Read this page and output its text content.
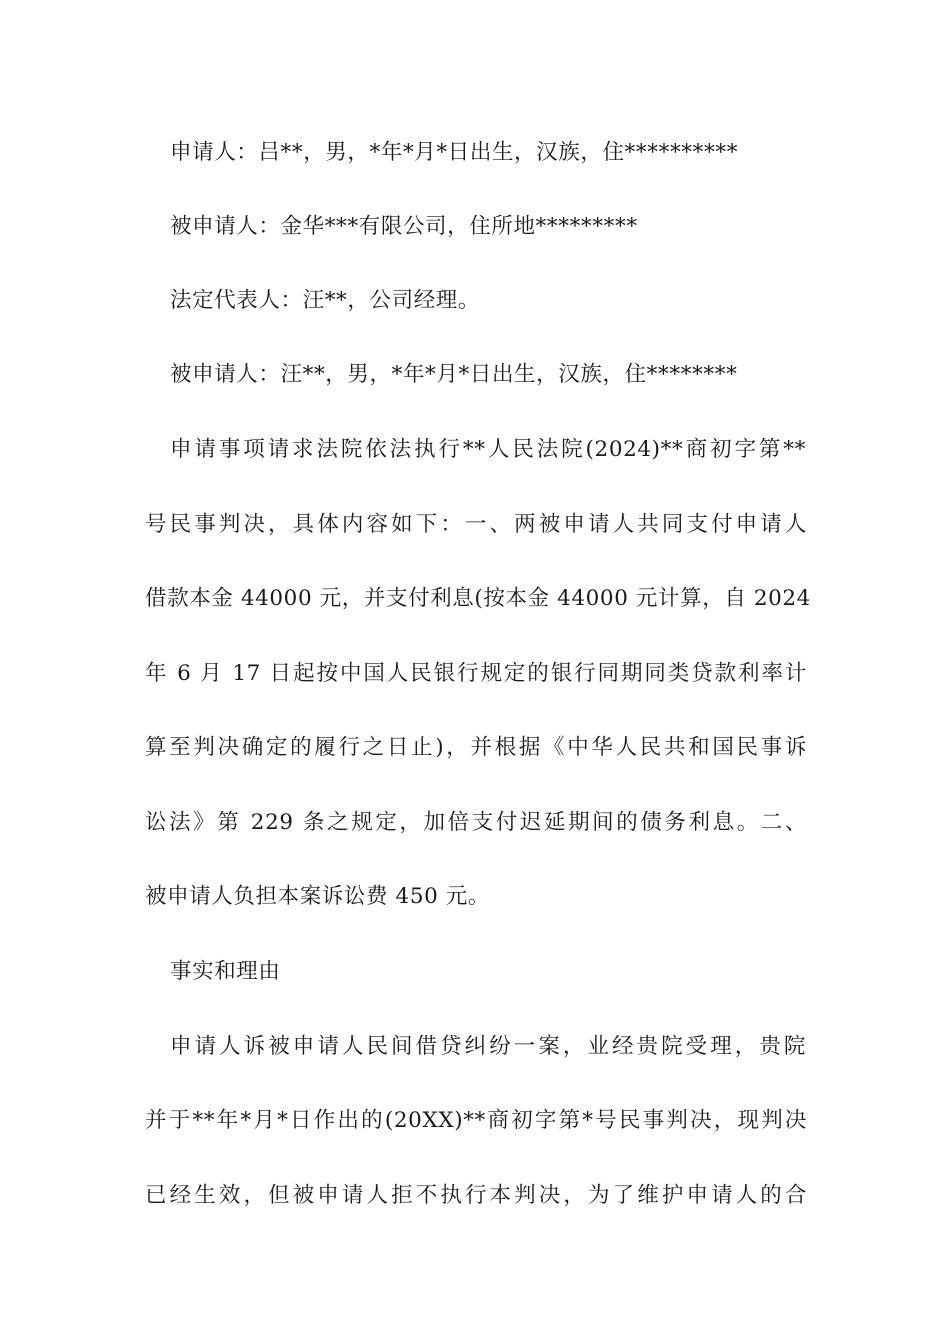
申请人：吕**，男，*年*月*日出生，汉族，住**********
被申请人：金华***有限公司，住所地*********
法定代表人：汪**，公司经理。
被申请人：汪**，男，*年*月*日出生，汉族，住********
申请事项请求法院依法执行**人民法院(2024)**商初字第**
号民事判决，具体内容如下：一、两被申请人共同支付申请人
借款本金 44000 元，并支付利息(按本金 44000 元计算，自 2024
年 6 月 17 日起按中国人民银行规定的银行同期同类贷款利率计
算至判决确定的履行之日止)，并根据《中华人民共和国民事诉
讼法》第 229 条之规定，加倍支付迟延期间的债务利息。二、
被申请人负担本案诉讼费 450 元。
事实和理由
申请人诉被申请人民间借贷纠纷一案，业经贵院受理，贵院
并于**年*月*日作出的(20XX)**商初字第*号民事判决，现判决
已经生效，但被申请人拒不执行本判决，为了维护申请人的合
